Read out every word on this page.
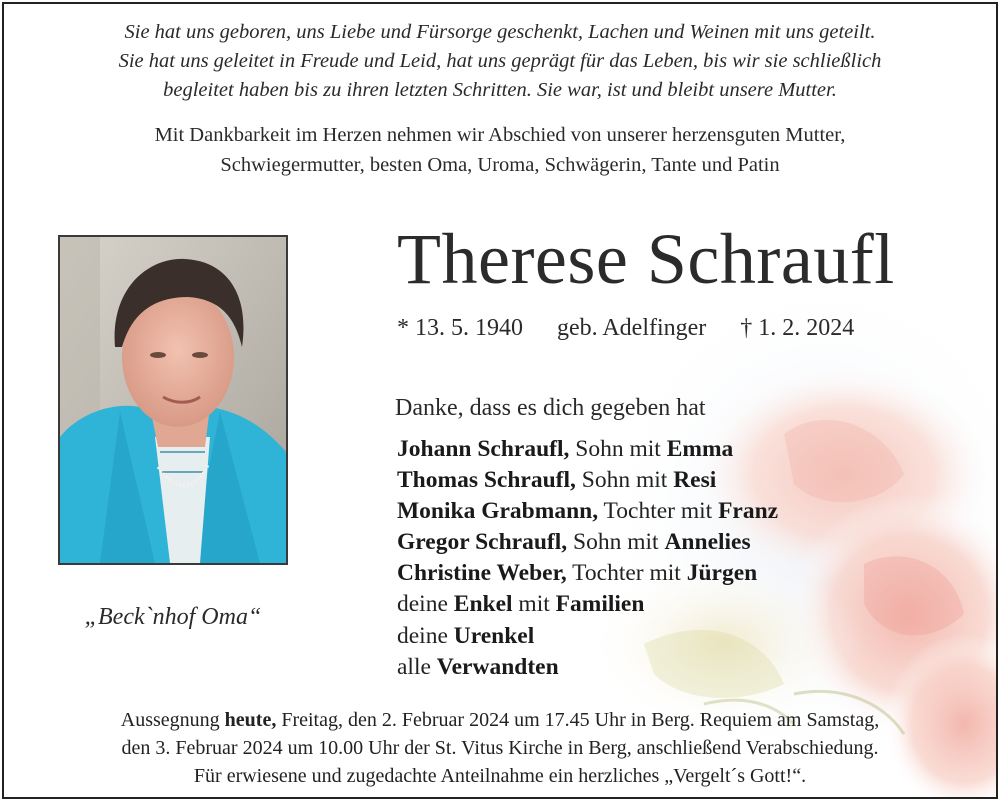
Sie hat uns geboren, uns Liebe und Fürsorge geschenkt, Lachen und Weinen mit uns geteilt.
Sie hat uns geleitet in Freude und Leid, hat uns geprägt für das Leben, bis wir sie schließlich
begleitet haben bis zu ihren letzten Schritten. Sie war, ist und bleibt unsere Mutter.
Mit Dankbarkeit im Herzen nehmen wir Abschied von unserer herzensguten Mutter,
Schwiegermutter, besten Oma, Uroma, Schwägerin, Tante und Patin
„Beck`nhof Oma“
Therese Schraufl
* 13. 5. 1940 geb. Adelfinger † 1. 2. 2024
Danke, dass es dich gegeben hat
Johann Schraufl, Sohn mit Emma
Thomas Schraufl, Sohn mit Resi
Monika Grabmann, Tochter mit Franz
Gregor Schraufl, Sohn mit Annelies
Christine Weber, Tochter mit Jürgen
deine Enkel mit Familien
deine Urenkel
alle Verwandten
Aussegnung heute, Freitag, den 2. Februar 2024 um 17.45 Uhr in Berg. Requiem am Samstag,
den 3. Februar 2024 um 10.00 Uhr der St. Vitus Kirche in Berg, anschließend Verabschiedung.
Für erwiesene und zugedachte Anteilnahme ein herzliches „Vergelt´s Gott!“.
